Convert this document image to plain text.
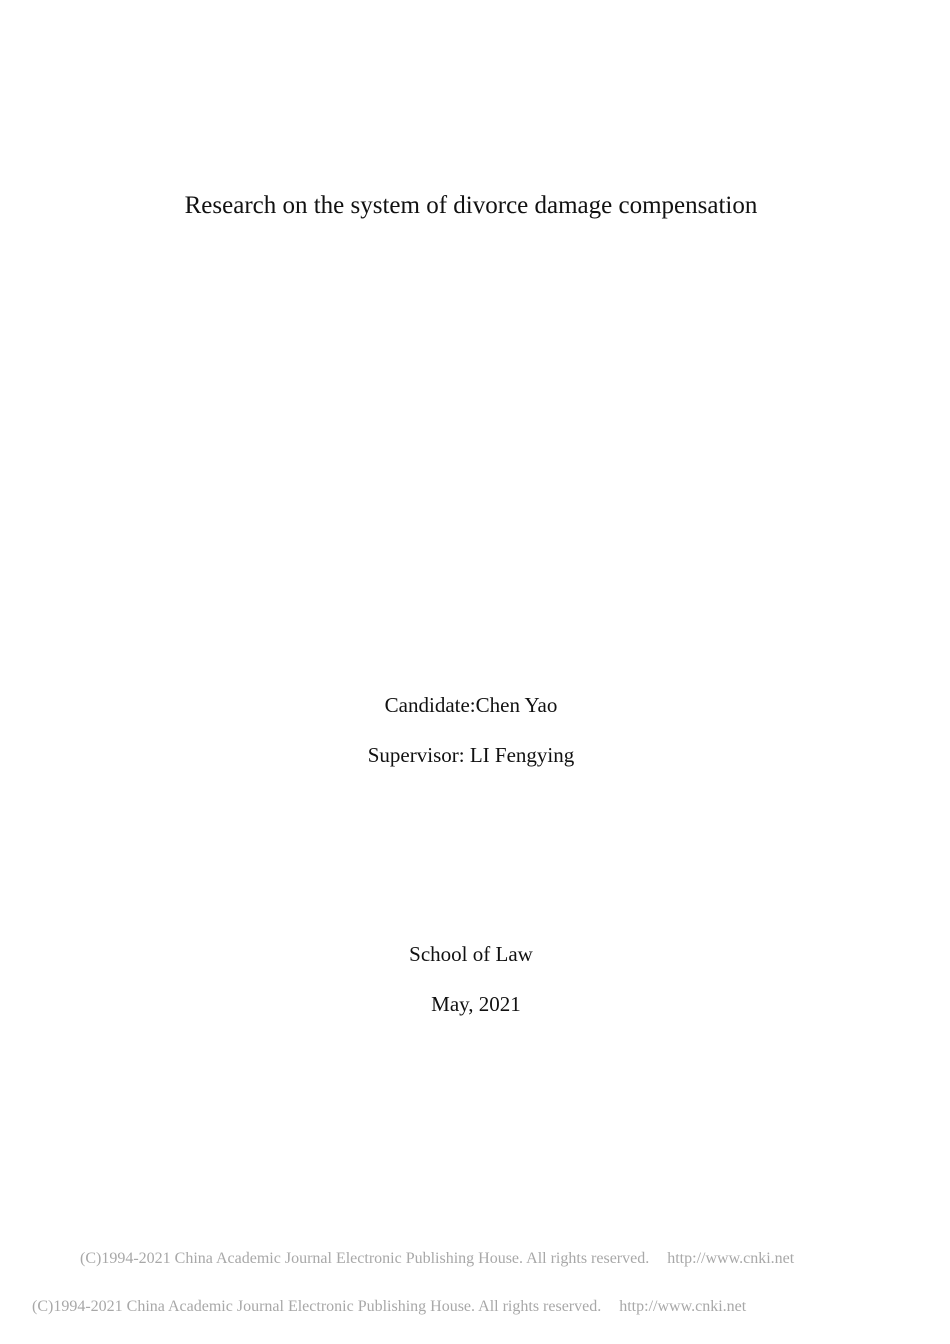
Research on the system of divorce damage compensation
Candidate:Chen Yao
Supervisor: LI Fengying
School of Law
May, 2021
(C)1994-2021 China Academic Journal Electronic Publishing House. All rights reserved. http://www.cnki.net
(C)1994-2021 China Academic Journal Electronic Publishing House. All rights reserved. http://www.cnki.net
